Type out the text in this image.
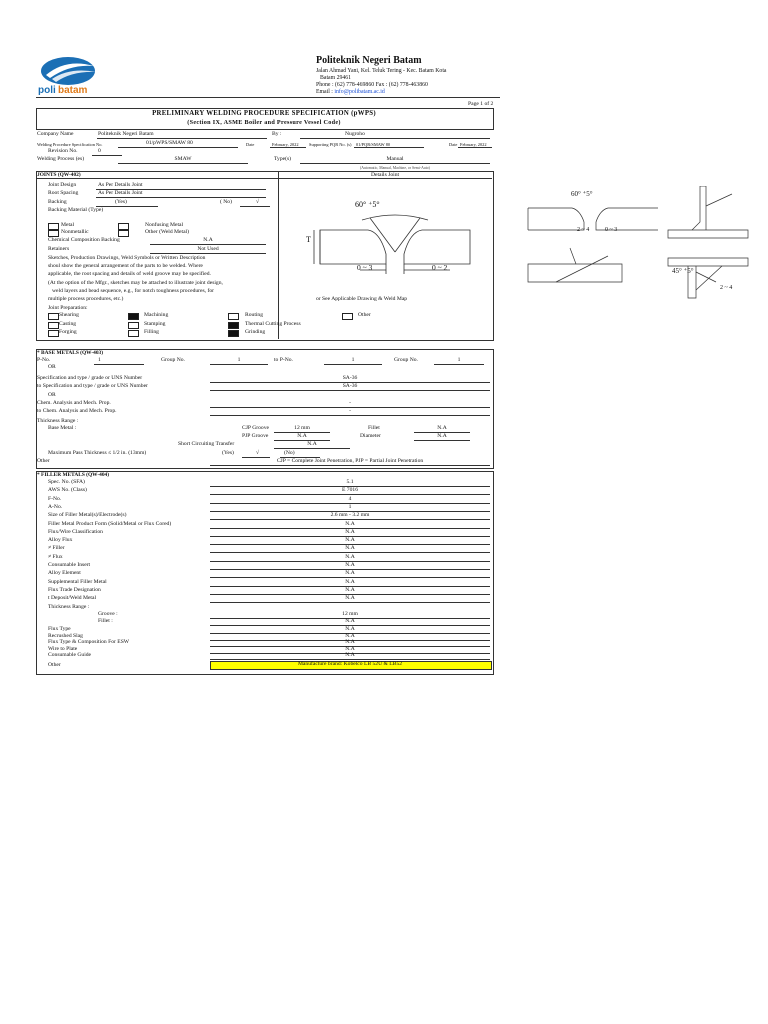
poli batam
Politeknik Negeri Batam
Jalan Ahmad Yani, Kel. Teluk Tering - Kec. Batam Kota
Batam 29461
Phone : (62) 778-469860 Fax : (62) 778-463860
Email : info@polibatam.ac.id
Page 1 of 2
PRELIMINARY WELDING PROCEDURE SPECIFICATION (pWPS)
(Section IX, ASME Boiler and Pressure Vessel Code)
Company Name	Politeknik Negeri Batam	By :	Nugroho
Welding Procedure Specification No.	01/pWPS/SMAW 80	Date	February, 2022 Supporting PQR No. (s) 01/PQR/SMAW 80	Date February, 2022
Revision No.	0
Welding Process (es)	SMAW	Type(s)	Manual
(Automatic, Manual, Machine, or Semi-Auto)
JOINTS (QW-402)	Details Joint
Joint Design	As Per Details Joint
Root Spacing	As Per Details Joint
Backing	(Yes)	( No)	√
Backing Material (Type)
Metal	Nonfusing Metal
Nonmetallic	Other (Weld Metal)
Chemical Composition Backing	N.A
Retainers	Not Used
Sketches, Production Drawings, Weld Symbols or Written Description
shoul show the general arrangement of the parts to be welded. Where
applicable, the root spacing and details of weld groove may be specified.
(At the option of the Mfgr., sketches may be attached to illustrate joint design,
weld layers and bead sequence, e.g., for notch toughness procedures, for
multiple process procedures, etc.)	or See Applicable Drawing & Weld Map
Joint Preparation:
Shearing	Machining	Routing	Other
Casting	Stamping	Thermal Cutting Process
Forging	Filling	Grinding
60° ⁺5°
T
0 ~ 3	0 ~ 2
60° ⁺5°
2 ~ 4	0 ~ 3
45° ⁺5°
2 ~ 4
* BASE METALS (QW-403)
P-No.	1	Group No.	1	to P-No.	1	Group No.	1
OR
Specification and type / grade or UNS Number	SA-36
to Specification and type / grade or UNS Number	SA-36
OR
Chem. Analysis and Mech. Prop.	-
to Chem. Analysis and Mech. Prop.	-
Thickness Range :
Base Metal :	CJP Groove	12 mm	Fillet	N.A
PJP Groove	N.A	Diameter	N.A
Short Circuiting Transfer	N.A
Maximum Pass Thickness ≤ 1/2 in. (13mm)	(Yes)	√	(No)
Other	CJP = Complete Joint Penetration, PJP = Partial Joint Penetration
* FILLER METALS (QW-404)
Spec. No. (SFA)	5.1
AWS No. (Class)	E 7016
F-No.	4
A-No.	1
Size of Filler Metal(s)/Electrode(s)	2.6 mm - 3.2 mm
Filler Metal Product Form (Solid/Metal or Flux Cored)	N.A
Flux/Wire Classification	N.A
Alloy Flux	N.A
≠ Filler	N.A
≠ Flux	N.A
Consumable Insert	N.A
Alloy Element	N.A
Supplemental Filler Metal	N.A
Flux Trade Designation	N.A
t Deposit/Weld Metal	N.A
Thickness Range :
Groove :	12 mm
Fillet :	N.A
Flux Type	N.A
Recrushed Slag	N.A
Flux Type & Composition For ESW	N.A
Wire to Plate	N.A
Consumable Guide	N.A
Other	Manufacture brand: Kobelco LB 52U & LB52
